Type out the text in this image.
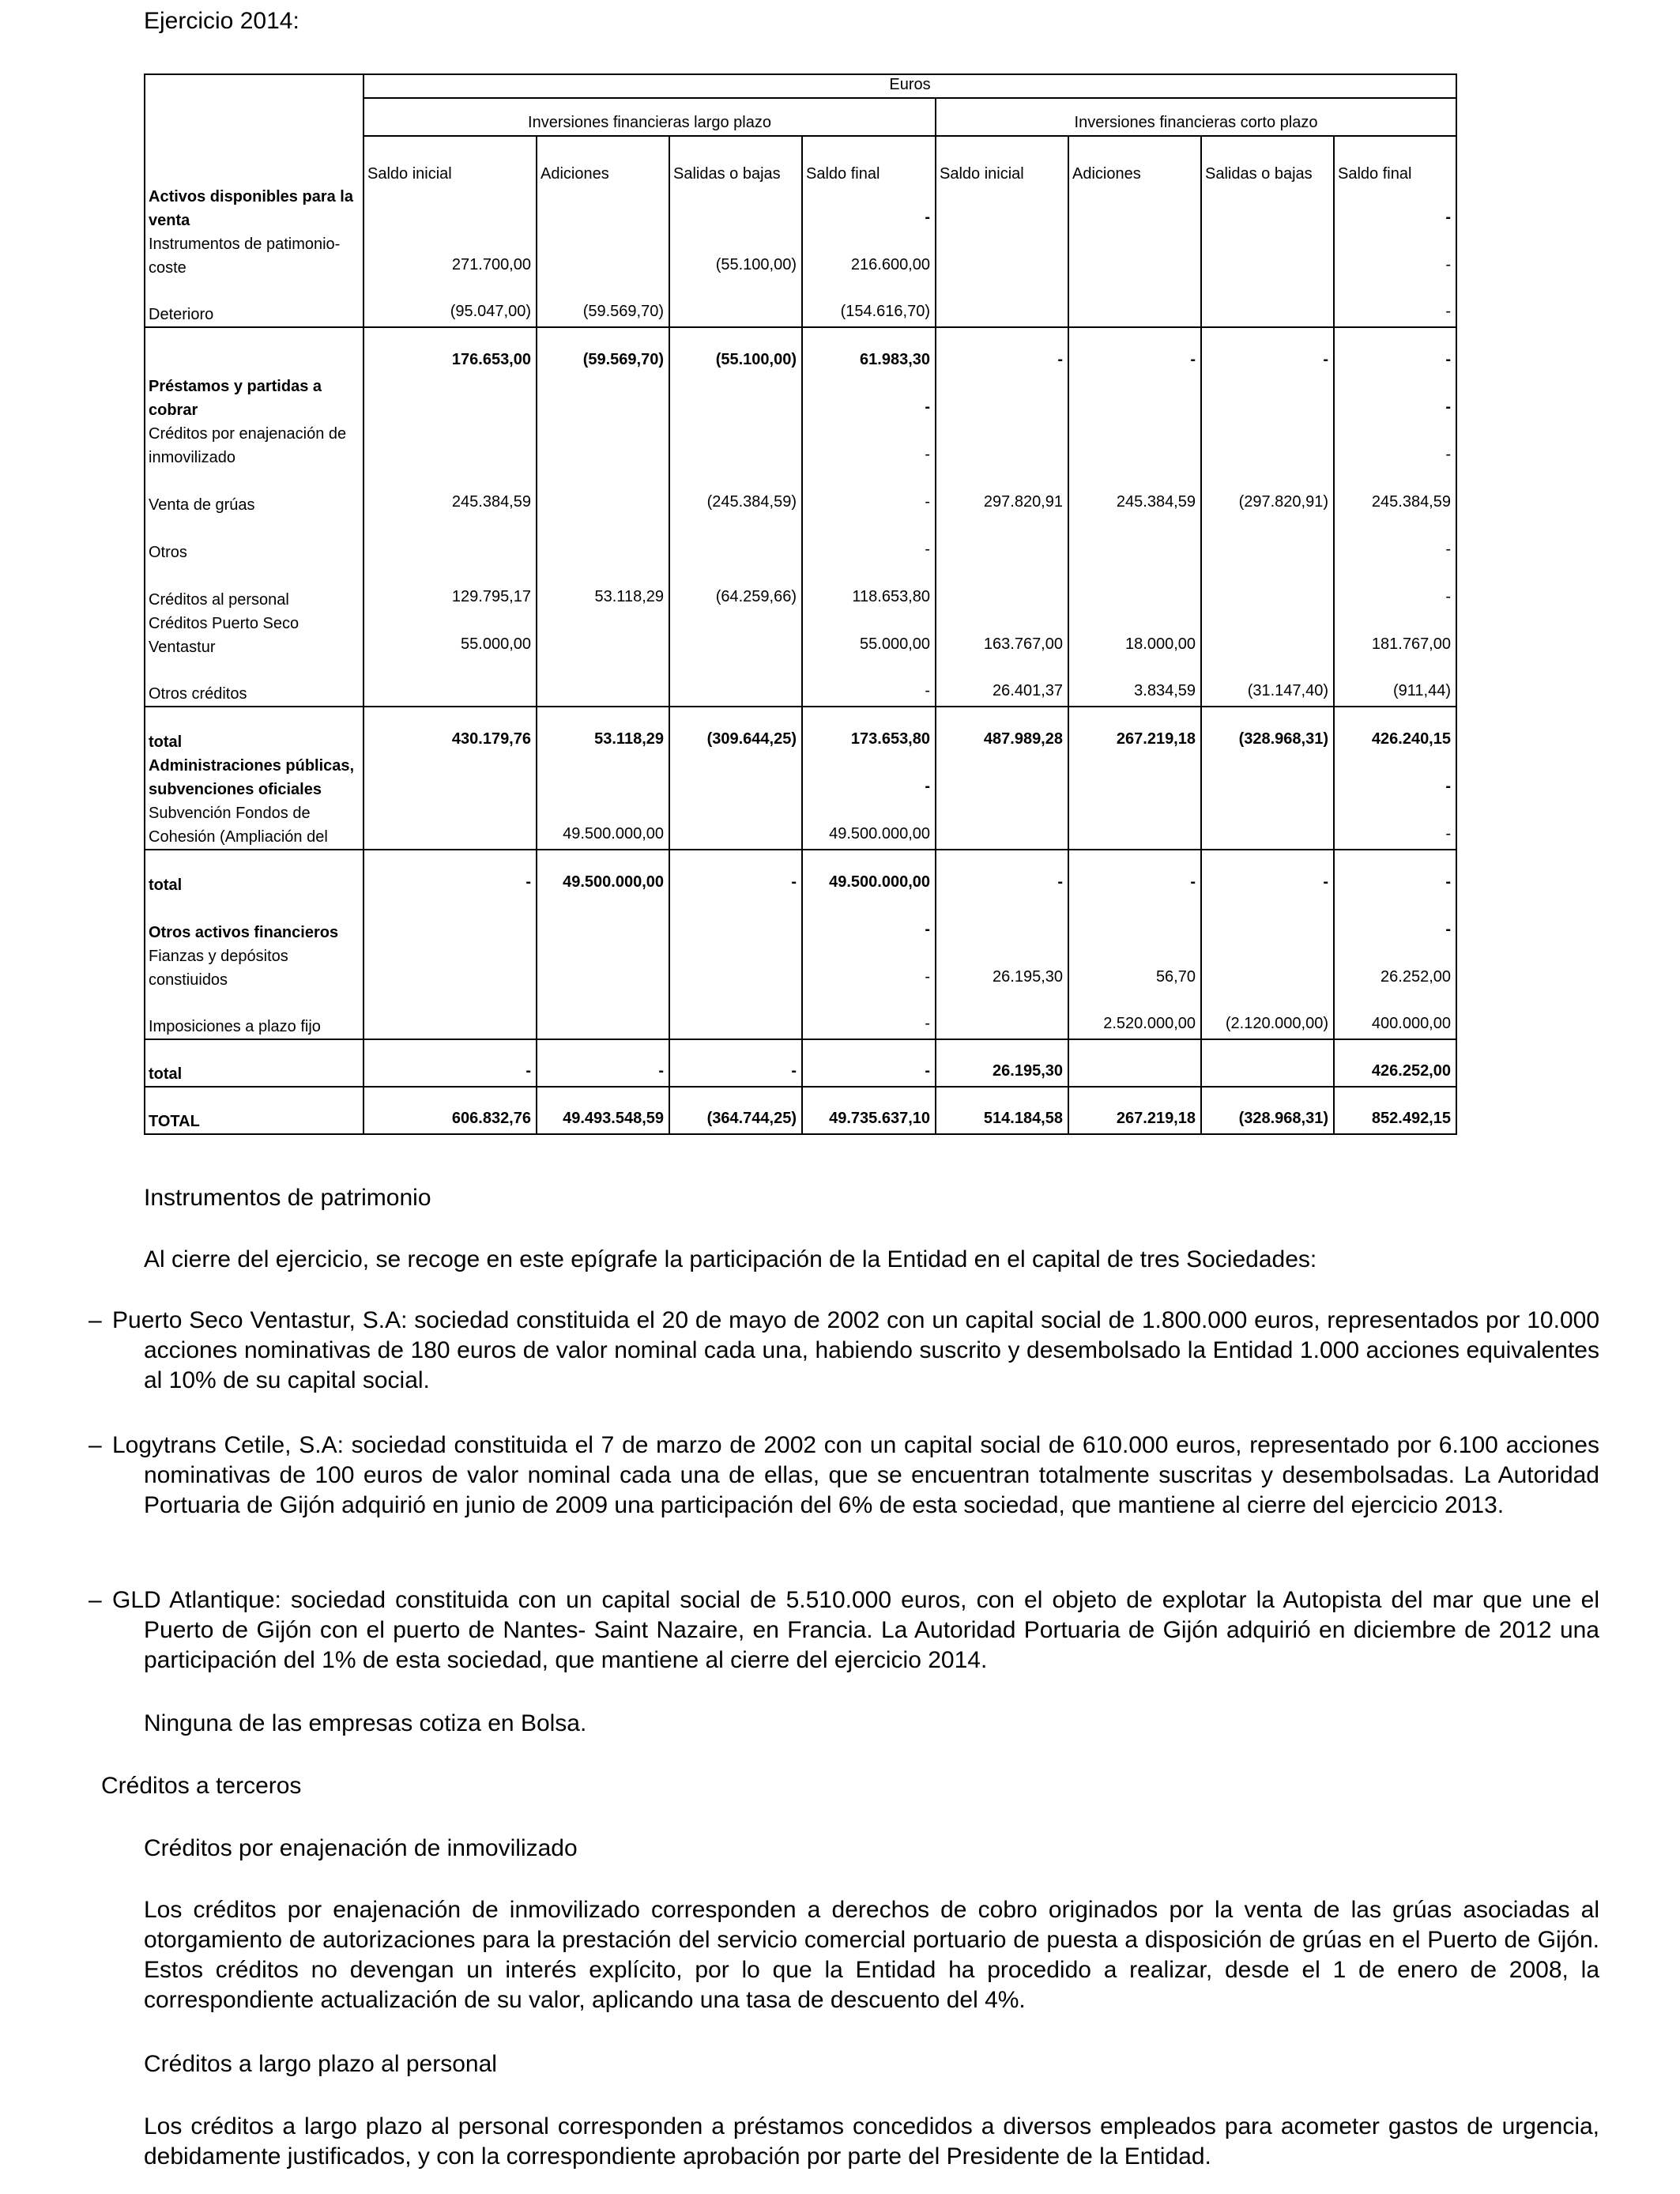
Ejercicio 2014:
	Euros							
	Inversiones financieras largo plazo				Inversiones financieras corto plazo			
	Saldo inicial	Adiciones	Salidas o bajas	Saldo final	Saldo inicial	Adiciones	Salidas o bajas	Saldo final
Activos disponibles para la venta				-				-
Instrumentos de patimonio-coste	271.700,00		(55.100,00)	216.600,00				-
Deterioro	(95.047,00)	(59.569,70)		(154.616,70)				-
	176.653,00	(59.569,70)	(55.100,00)	61.983,30	-	-	-	-
Préstamos y partidas a cobrar				-				-
Créditos por enajenación de inmovilizado				-				-
Venta de grúas	245.384,59		(245.384,59)	-	297.820,91	245.384,59	(297.820,91)	245.384,59
Otros				-				-
Créditos al personal	129.795,17	53.118,29	(64.259,66)	118.653,80				-
Créditos Puerto Seco Ventastur	55.000,00			55.000,00	163.767,00	18.000,00		181.767,00
Otros créditos				-	26.401,37	3.834,59	(31.147,40)	(911,44)
total	430.179,76	53.118,29	(309.644,25)	173.653,80	487.989,28	267.219,18	(328.968,31)	426.240,15
Administraciones públicas, subvenciones oficiales				-				-
Subvención Fondos de Cohesión (Ampliación del		49.500.000,00		49.500.000,00				-
total	-	49.500.000,00	-	49.500.000,00	-	-	-	-
Otros activos financieros				-				-
Fianzas y depósitos constiuidos				-	26.195,30	56,70		26.252,00
Imposiciones a plazo fijo				-		2.520.000,00	(2.120.000,00)	400.000,00
total	-	-	-	-	26.195,30			426.252,00
TOTAL	606.832,76	49.493.548,59	(364.744,25)	49.735.637,10	514.184,58	267.219,18	(328.968,31)	852.492,15
Instrumentos de patrimonio
Al cierre del ejercicio, se recoge en este epígrafe la participación de la Entidad en el capital de tres Sociedades:
– Puerto Seco Ventastur, S.A: sociedad constituida el 20 de mayo de 2002 con un capital social de 1.800.000 euros, representados por 10.000 acciones nominativas de 180 euros de valor nominal cada una, habiendo suscrito y desembolsado la Entidad 1.000 acciones equivalentes al 10% de su capital social.
– Logytrans Cetile, S.A: sociedad constituida el 7 de marzo de 2002 con un capital social de 610.000 euros, representado por 6.100 acciones nominativas de 100 euros de valor nominal cada una de ellas, que se encuentran totalmente suscritas y desembolsadas. La Autoridad Portuaria de Gijón adquirió en junio de 2009 una participación del 6% de esta sociedad, que mantiene al cierre del ejercicio 2013.
– GLD Atlantique: sociedad constituida con un capital social de 5.510.000 euros, con el objeto de explotar la Autopista del mar que une el Puerto de Gijón con el puerto de Nantes- Saint Nazaire, en Francia. La Autoridad Portuaria de Gijón adquirió en diciembre de 2012 una participación del 1% de esta sociedad, que mantiene al cierre del ejercicio 2014.
Ninguna de las empresas cotiza en Bolsa.
Créditos a terceros
Créditos por enajenación de inmovilizado
Los créditos por enajenación de inmovilizado corresponden a derechos de cobro originados por la venta de las grúas asociadas al otorgamiento de autorizaciones para la prestación del servicio comercial portuario de puesta a disposición de grúas en el Puerto de Gijón. Estos créditos no devengan un interés explícito, por lo que la Entidad ha procedido a realizar, desde el 1 de enero de 2008, la correspondiente actualización de su valor, aplicando una tasa de descuento del 4%.
Créditos a largo plazo al personal
Los créditos a largo plazo al personal corresponden a préstamos concedidos a diversos empleados para acometer gastos de urgencia, debidamente justificados, y con la correspondiente aprobación por parte del Presidente de la Entidad.
